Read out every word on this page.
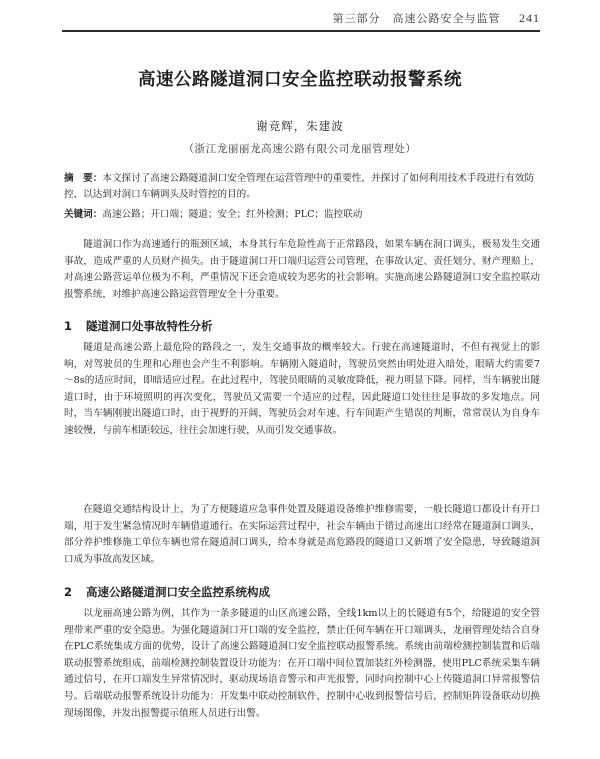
第三部分　高速公路安全与监管 241
高速公路隧道洞口安全监控联动报警系统
谢竞辉，朱建波
（浙江龙丽丽龙高速公路有限公司龙丽管理处）
摘　要：本文探讨了高速公路隧道洞口安全管理在运营管理中的重要性，并探讨了如何利用技术手段进行有效防控，以达到对洞口车辆调头及时管控的目的。
关键词：高速公路；开口端；隧道；安全；红外检测；PLC；监控联动

隧道洞口作为高速通行的瓶颈区域，本身其行车危险性高于正常路段，如果车辆在洞口调头，极易发生交通事故，造成严重的人员财产损失。由于隧道洞口开口端归运营公司管理，在事故认定、责任划分、财产理赔上，对高速公路营运单位极为不利，严重情况下还会造成较为恶劣的社会影响。实施高速公路隧道洞口安全监控联动报警系统，对维护高速公路运营管理安全十分重要。

1 隧道洞口处事故特性分析

隧道是高速公路上最危险的路段之一，发生交通事故的概率较大。行驶在高速隧道时，不但有视觉上的影响，对驾驶员的生理和心理也会产生不利影响。车辆刚入隧道时，驾驶员突然由明处进入暗处，眼睛大约需要7～8s的适应时间，即暗适应过程。在此过程中，驾驶员眼睛的灵敏度降低，视力明显下降。同样，当车辆驶出隧道口时，由于环境照明的再次变化，驾驶员又需要一个适应的过程，因此隧道口处往往是事故的多发地点。同时，当车辆刚驶出隧道口时，由于视野的开阔，驾驶员会对车速、行车间距产生错误的判断，常常误认为自身车速较慢，与前车相距较远，往往会加速行驶，从而引发交通事故。

在隧道交通结构设计上，为了方便隧道应急事件处置及隧道设备维护维修需要，一般长隧道口都设计有开口端，用于发生紧急情况时车辆借道通行。在实际运营过程中，社会车辆由于错过高速出口经常在隧道洞口调头，部分养护维修施工单位车辆也常在隧道洞口调头，给本身就是高危路段的隧道口又新增了安全隐患，导致隧道洞口成为事故高发区域。

2 高速公路隧道洞口安全监控系统构成

以龙丽高速公路为例，其作为一条多隧道的山区高速公路，全线1km以上的长隧道有5个，给隧道的安全管理带来严重的安全隐患。为强化隧道洞口开口端的安全监控，禁止任何车辆在开口端调头，龙丽管理处结合自身在PLC系统集成方面的优势，设计了高速公路隧道洞口安全监控联动报警系统。系统由前端检测控制装置和后端联动报警系统组成，前端检测控制装置设计功能为：在开口端中间位置加装红外检测器，使用PLC系统采集车辆通过信号，在开口端发生异常情况时，驱动现场语音警示和声光报警，同时向控制中心上传隧道洞口异常报警信号。后端联动报警系统设计功能为：开发集中联动控制软件，控制中心收到报警信号后，控制矩阵设备联动切换现场图像，并发出报警提示值班人员进行出警。
